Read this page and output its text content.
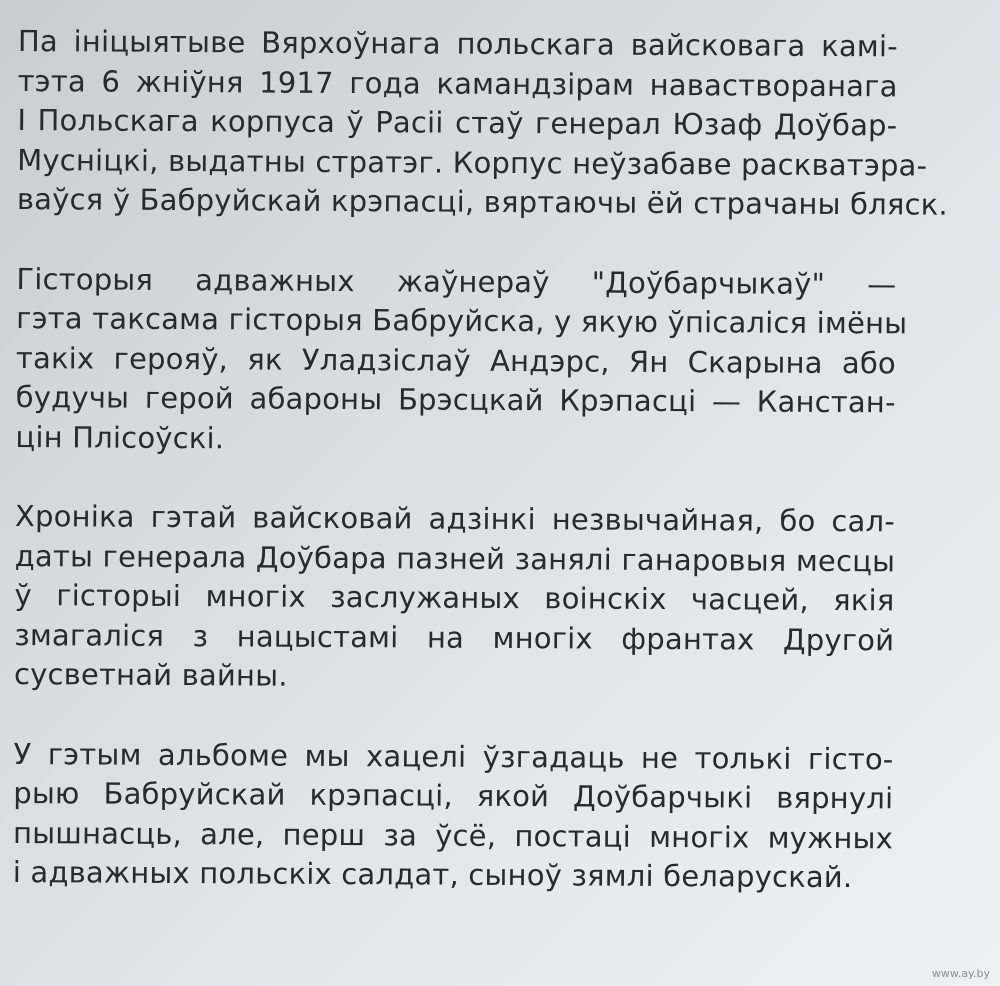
Па ініцыятыве Вярхоўнага польскага вайсковага камі-
тэта 6 жніўня 1917 года камандзірам навастворанага
I Польскага корпуса ў Расіі стаў генерал Юзаф Доўбар-
Мусніцкі, выдатны стратэг. Корпус неўзабаве раскватэра-
ваўся ў Бабруйскай крэпасці, вяртаючы ёй страчаны бляск.
Гісторыя адважных жаўнераў "Доўбарчыкаў" —
гэта таксама гісторыя Бабруйска, у якую ўпісаліся імёны
такіх герояў, як Уладзіслаў Андэрс, Ян Скарына або
будучы герой абароны Брэсцкай Крэпасці — Канстан-
цін Плісоўскі.
Хроніка гэтай вайсковай адзінкі незвычайная, бо сал-
даты генерала Доўбара пазней занялі ганаровыя месцы
ў гісторыі многіх заслужаных воінскіх часцей, якія
змагаліся з нацыстамі на многіх франтах Другой
сусветнай вайны.
У гэтым альбоме мы хацелі ўзгадаць не толькі гісто-
рыю Бабруйскай крэпасці, якой Доўбарчыкі вярнулі
пышнасць, але, перш за ўсё, постаці многіх мужных
і адважных польскіх салдат, сыноў зямлі беларускай.
www.ay.by
